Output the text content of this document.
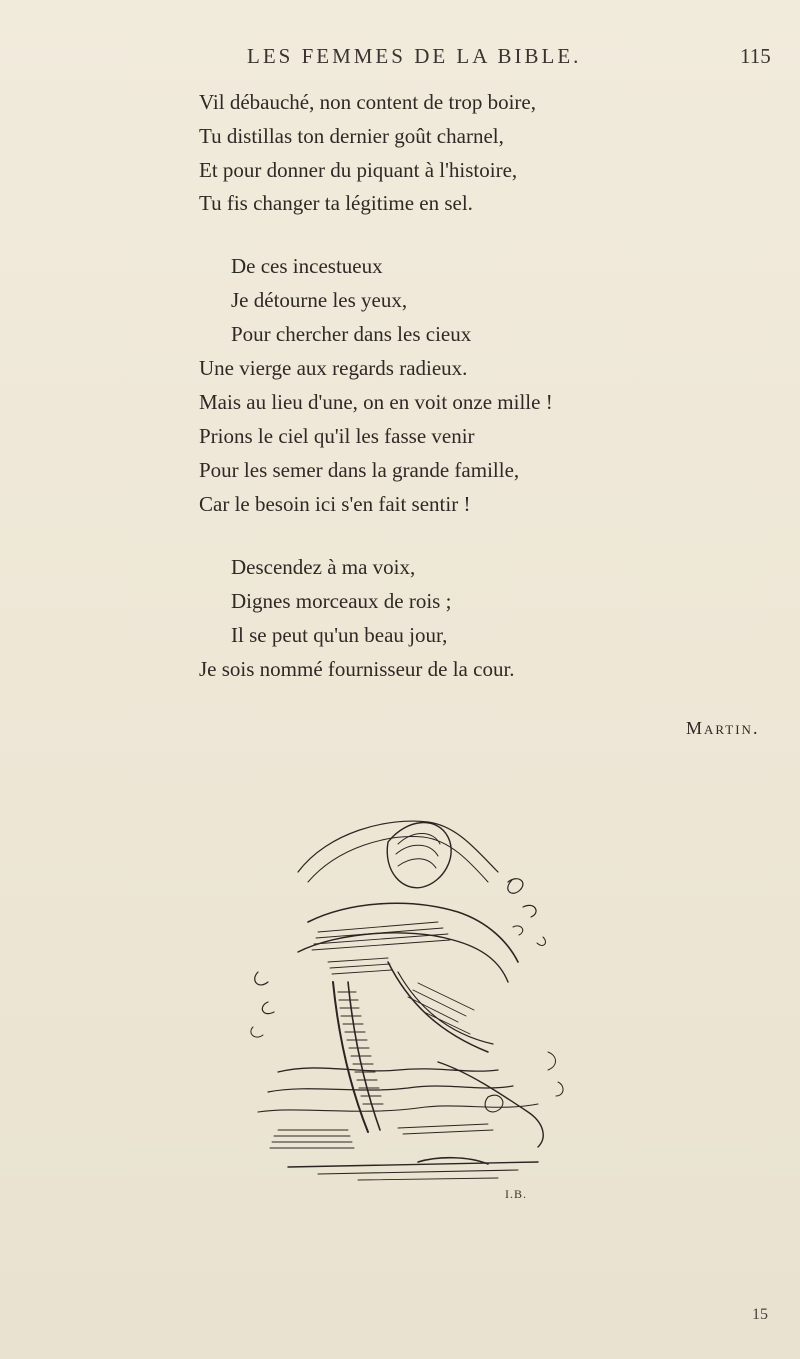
LES FEMMES DE LA BIBLE.	115
Vil débauché, non content de trop boire,
Tu distillas ton dernier goût charnel,
Et pour donner du piquant à l'histoire,
Tu fis changer ta légitime en sel.
De ces incestueux
Je détourne les yeux,
Pour chercher dans les cieux
Une vierge aux regards radieux.
Mais au lieu d'une, on en voit onze mille !
Prions le ciel qu'il les fasse venir
Pour les semer dans la grande famille,
Car le besoin ici s'en fait sentir !
Descendez à ma voix,
Dignes morceaux de rois ;
Il se peut qu'un beau jour,
Je sois nommé fournisseur de la cour.
Martin.
I.B.
15
